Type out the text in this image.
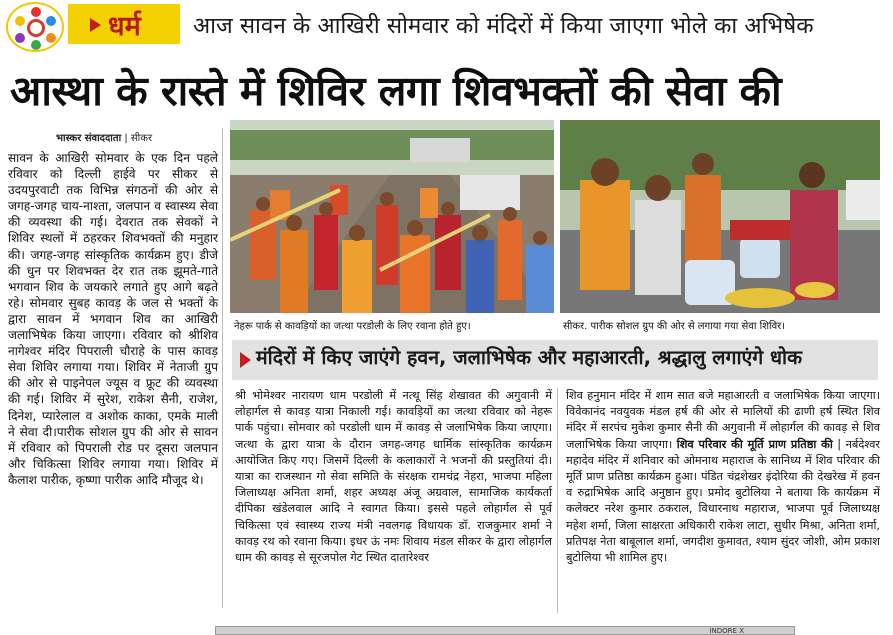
धर्म आज सावन के आखिरी सोमवार को मंदिरों में किया जाएगा भोले का अभिषेक
आस्था के रास्ते में शिविर लगा शिवभक्तों की सेवा की
भास्कर संवाददाता | सीकर
सावन के आखिरी सोमवार के एक दिन पहले रविवार को दिल्ली हाईवे पर सीकर से उदयपुरवाटी तक विभिन्न संगठनों की ओर से जगह-जगह चाय-नाश्ता, जलपान व स्वास्थ्य सेवा की व्यवस्था की गई। देवरात तक सेवकों ने शिविर स्थलों में ठहरकर शिवभक्तों की मनुहार की। जगह-जगह सांस्कृतिक कार्यक्रम हुए। डीजे की धुन पर शिवभक्त देर रात तक झूमते-गाते भगवान शिव के जयकारे लगाते हुए आगे बढ़ते रहे। सोमवार सुबह कावड़ के जल से भक्तों के द्वारा सावन में भगवान शिव का आखिरी जलाभिषेक किया जाएगा। रविवार को श्रीशिव नागेश्वर मंदिर पिपराली चौराहे के पास कावड़ सेवा शिविर लगाया गया। शिविर में नेताजी ग्रुप की ओर से पाइनेपल ज्यूस व फ्रूट की व्यवस्था की गई। शिविर में सुरेश, राकेश सैनी, राजेश, दिनेश, प्यारेलाल व अशोक काका, एमके माली ने सेवा दी।पारीक सोशल ग्रुप की ओर से सावन में रविवार को पिपराली रोड पर दूसरा जलपान और चिकित्सा शिविर लगाया गया। शिविर में कैलाश पारीक, कृष्णा पारीक आदि मौजूद थे।
नेहरू पार्क से कावड़ियों का जत्था परडोली के लिए रवाना होते हुए।	सीकर. पारीक सोशल ग्रुप की ओर से लगाया गया सेवा शिविर।
मंदिरों में किए जाएंगे हवन, जलाभिषेक और महाआरती, श्रद्धालु लगाएंगे धोक
श्री भोमेश्वर नारायण धाम परडोली में नत्थू सिंह शेखावत की अगुवानी में लोहार्गल से कावड़ यात्रा निकाली गई। कावड़ियों का जत्था रविवार को नेहरू पार्क पहुंचा। सोमवार को परडोली धाम में कावड़ से जलाभिषेक किया जाएगा। जत्था के द्वारा यात्रा के दौरान जगह-जगह धार्मिक सांस्कृतिक कार्यक्रम आयोजित किए गए। जिसमें दिल्ली के कलाकारों ने भजनों की प्रस्तुतियां दी। यात्रा का राजस्थान गो सेवा समिति के संरक्षक रामचंद्र नेहरा, भाजपा महिला जिलाध्यक्ष अनिता शर्मा, शहर अध्यक्ष अंजू अग्रवाल, सामाजिक कार्यकर्ता दीपिका खंडेलवाल आदि ने स्वागत किया। इससे पहले लोहार्गल से पूर्व चिकित्सा एवं स्वास्थ्य राज्य मंत्री नवलगढ़ विधायक डॉ. राजकुमार शर्मा ने कावड़ रथ को रवाना किया। इधर ऊं नमः शिवाय मंडल सीकर के द्वारा लोहार्गल धाम की कावड़ से सूरजपोल गेट स्थित दातारेश्वर
शिव हनुमान मंदिर में शाम सात बजे महाआरती व जलाभिषेक किया जाएगा। विवेकानंद नवयुवक मंडल हर्ष की ओर से मालियों की ढाणी हर्ष स्थित शिव मंदिर में सरपंच मुकेश कुमार सैनी की अगुवानी में लोहार्गल की कावड़ से शिव जलाभिषेक किया जाएगा। शिव परिवार की मूर्ति प्राण प्रतिष्ठा की | नर्बदेश्वर महादेव मंदिर में शनिवार को ओमनाथ महाराज के सानिध्य में शिव परिवार की मूर्ति प्राण प्रतिष्ठा कार्यक्रम हुआ। पंडित चंद्रशेखर इंदोरिया की देखरेख में हवन व रुद्राभिषेक आदि अनुष्ठान हुए। प्रमोद बुटोलिया ने बताया कि कार्यक्रम में कलेक्टर नरेश कुमार ठकराल, विधारनाथ महाराज, भाजपा पूर्व जिलाध्यक्ष महेश शर्मा, जिला साक्षरता अधिकारी राकेश लाटा, सुधीर मिश्रा, अनिता शर्मा, प्रतिपक्ष नेता बाबूलाल शर्मा, जगदीश कुमावत, श्याम सुंदर जोशी, ओम प्रकाश बुटोलिया भी शामिल हुए।
INDORE X
